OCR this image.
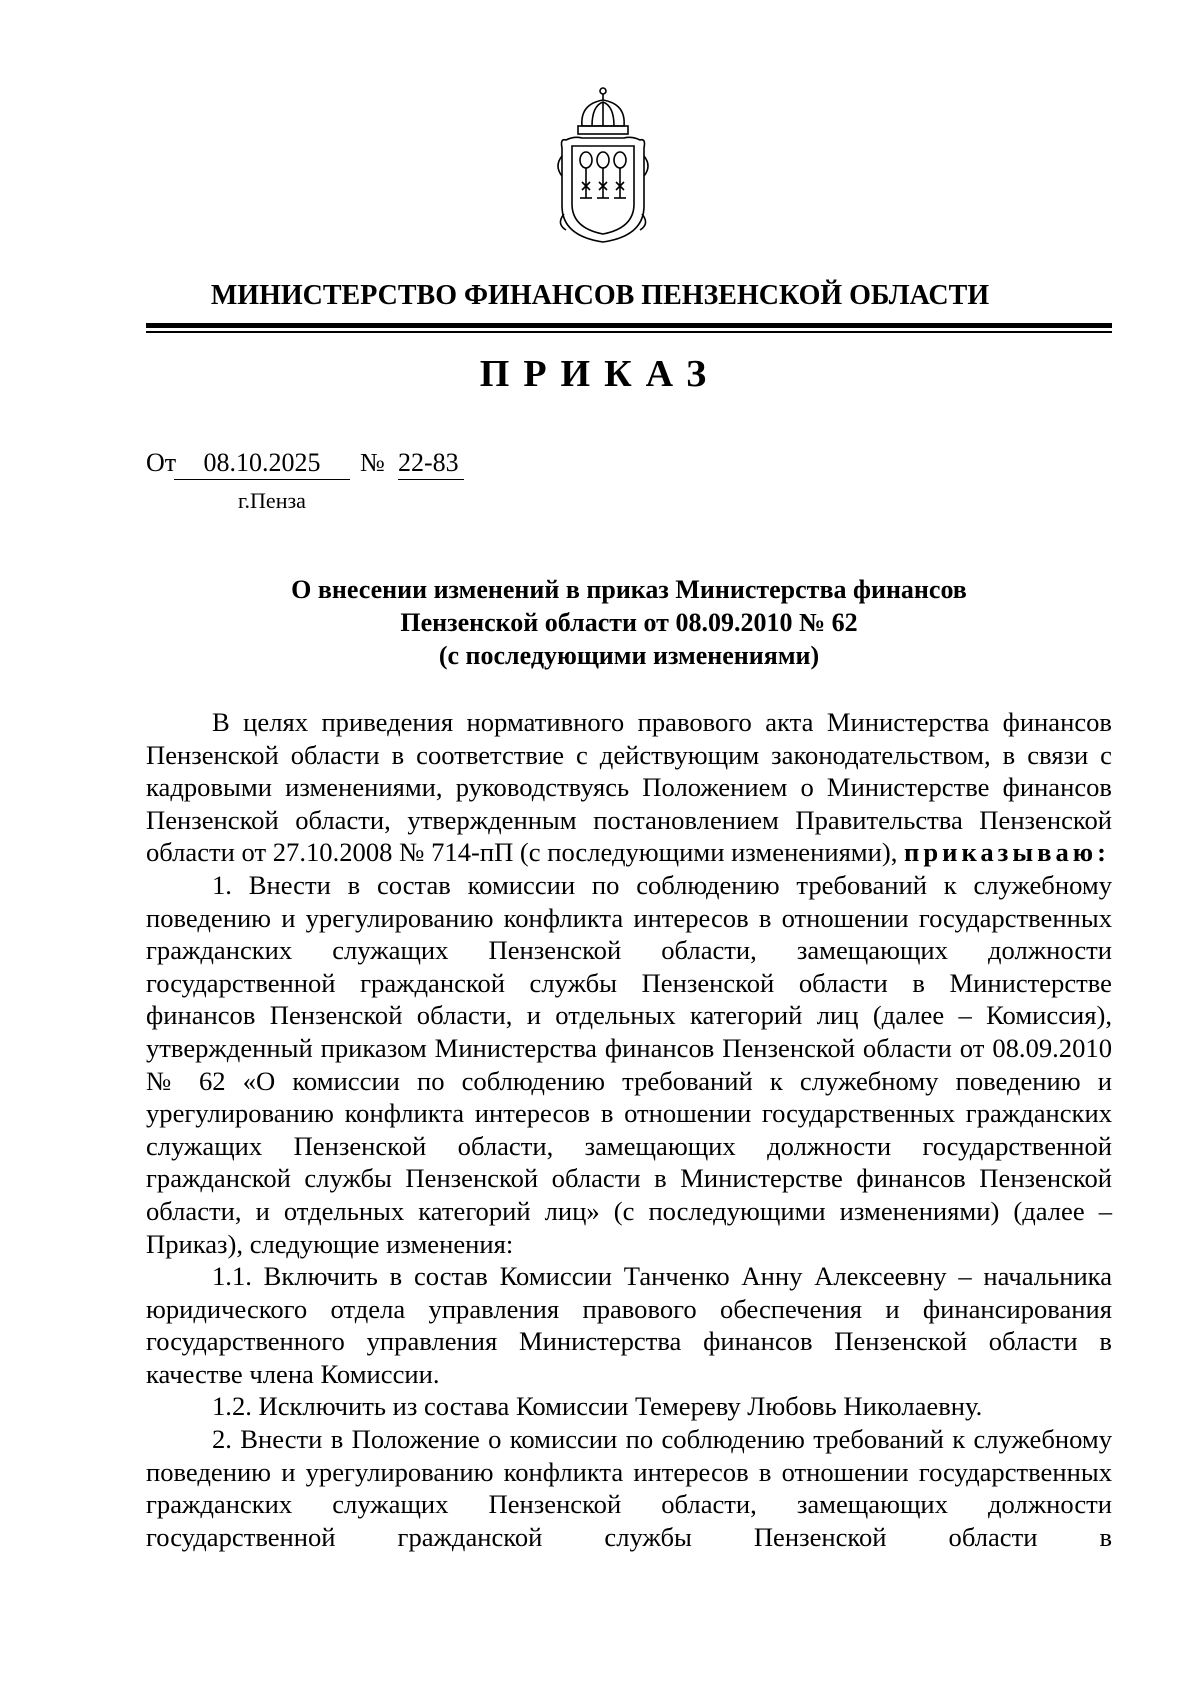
МИНИСТЕРСТВО ФИНАНСОВ ПЕНЗЕНСКОЙ ОБЛАСТИ
ПРИКАЗ
От	08.10.2025	№ 22-83
г.Пенза
О внесении изменений в приказ Министерства финансов
Пензенской области от 08.09.2010 № 62
(с последующими изменениями)

В целях приведения нормативного правового акта Министерства финансов Пензенской области в соответствие с действующим законодательством, в связи с кадровыми изменениями, руководствуясь Положением о Министерстве финансов Пензенской области, утвержденным постановлением Правительства Пензенской области от 27.10.2008 № 714-пП (с последующими изменениями), приказываю:

1. Внести в состав комиссии по соблюдению требований к служебному поведению и урегулированию конфликта интересов в отношении государственных гражданских служащих Пензенской области, замещающих должности государственной гражданской службы Пензенской области в Министерстве финансов Пензенской области, и отдельных категорий лиц (далее – Комиссия), утвержденный приказом Министерства финансов Пензенской области от 08.09.2010 № 62 «О комиссии по соблюдению требований к служебному поведению и урегулированию конфликта интересов в отношении государственных гражданских служащих Пензенской области, замещающих должности государственной гражданской службы Пензенской области в Министерстве финансов Пензенской области, и отдельных категорий лиц» (с последующими изменениями) (далее – Приказ), следующие изменения:

1.1. Включить в состав Комиссии Танченко Анну Алексеевну – начальника юридического отдела управления правового обеспечения и финансирования государственного управления Министерства финансов Пензенской области в качестве члена Комиссии.

1.2. Исключить из состава Комиссии Темереву Любовь Николаевну.

2. Внести в Положение о комиссии по соблюдению требований к служебному поведению и урегулированию конфликта интересов в отношении государственных гражданских служащих Пензенской области, замещающих должности государственной гражданской службы Пензенской области в
